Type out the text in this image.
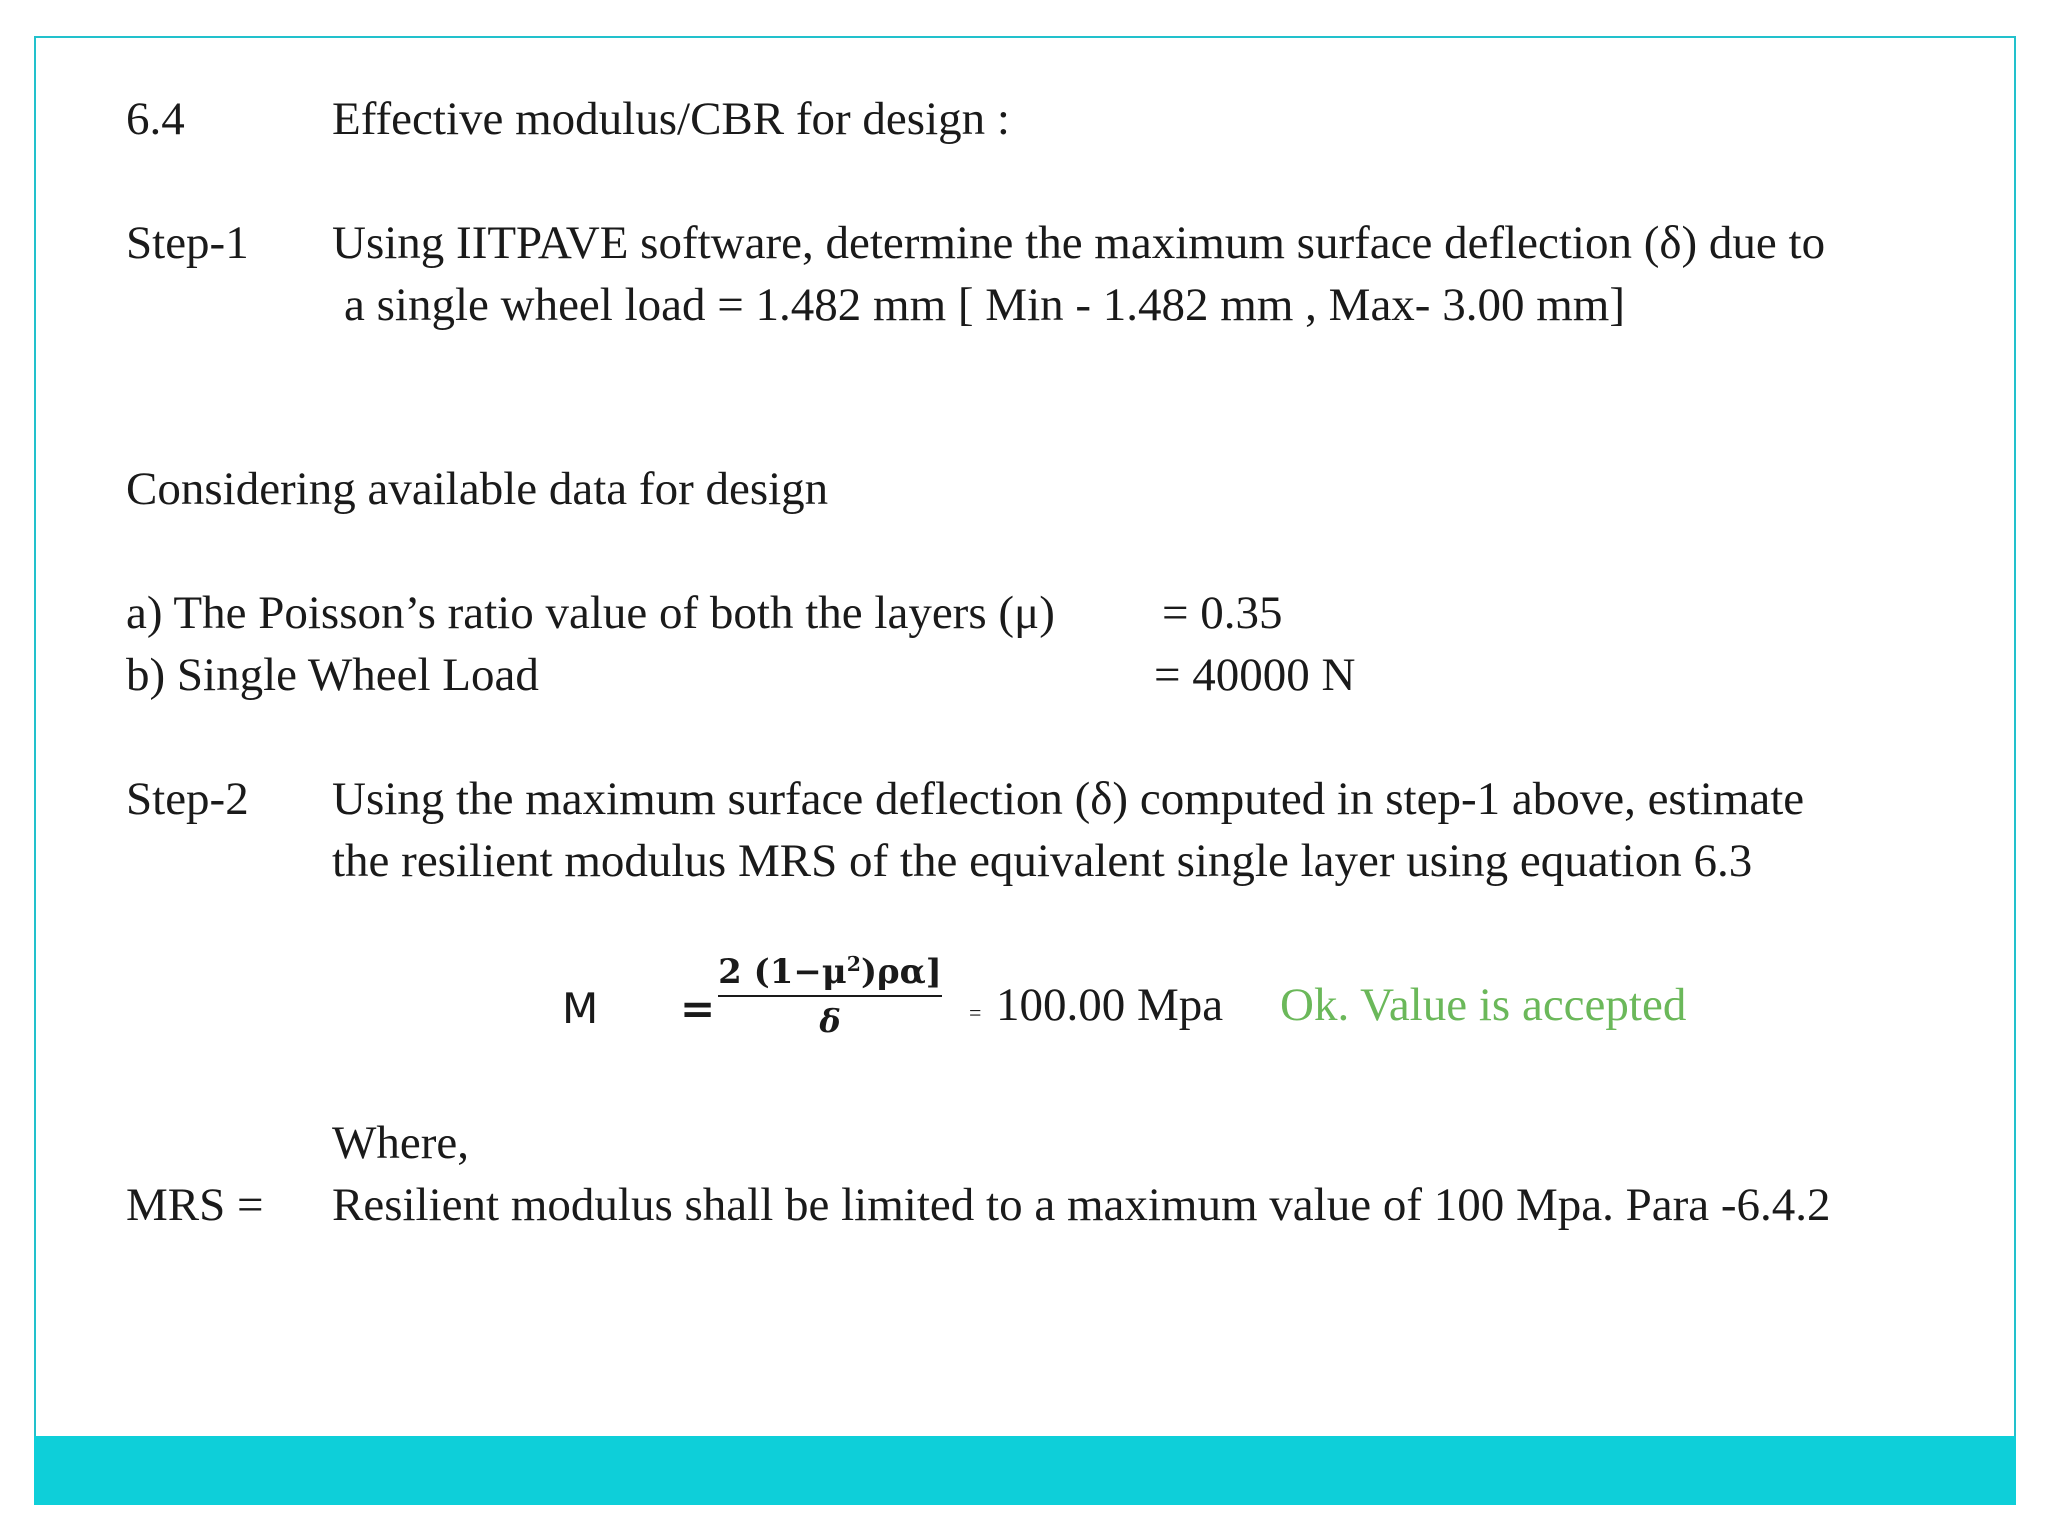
6.4	Effective modulus/CBR for design :
Step-1 Using IITPAVE software, determine the maximum surface deflection (δ) due to
a single wheel load = 1.482 mm [ Min - 1.482 mm , Max- 3.00 mm]
Considering available data for design
a) The Poisson’s ratio value of both the layers (μ) = 0.35
b) Single Wheel Load	= 40000 N
Step-2 Using the maximum surface deflection (δ) computed in step-1 above, estimate
the resilient modulus MRS of the equivalent single layer using equation 6.3
M =
2 $(1-\mu^2)\rho\alpha$]
δ	= 100.00 Mpa Ok. Value is accepted
Where,
MRS = Resilient modulus shall be limited to a maximum value of 100 Mpa. Para -6.4.2
